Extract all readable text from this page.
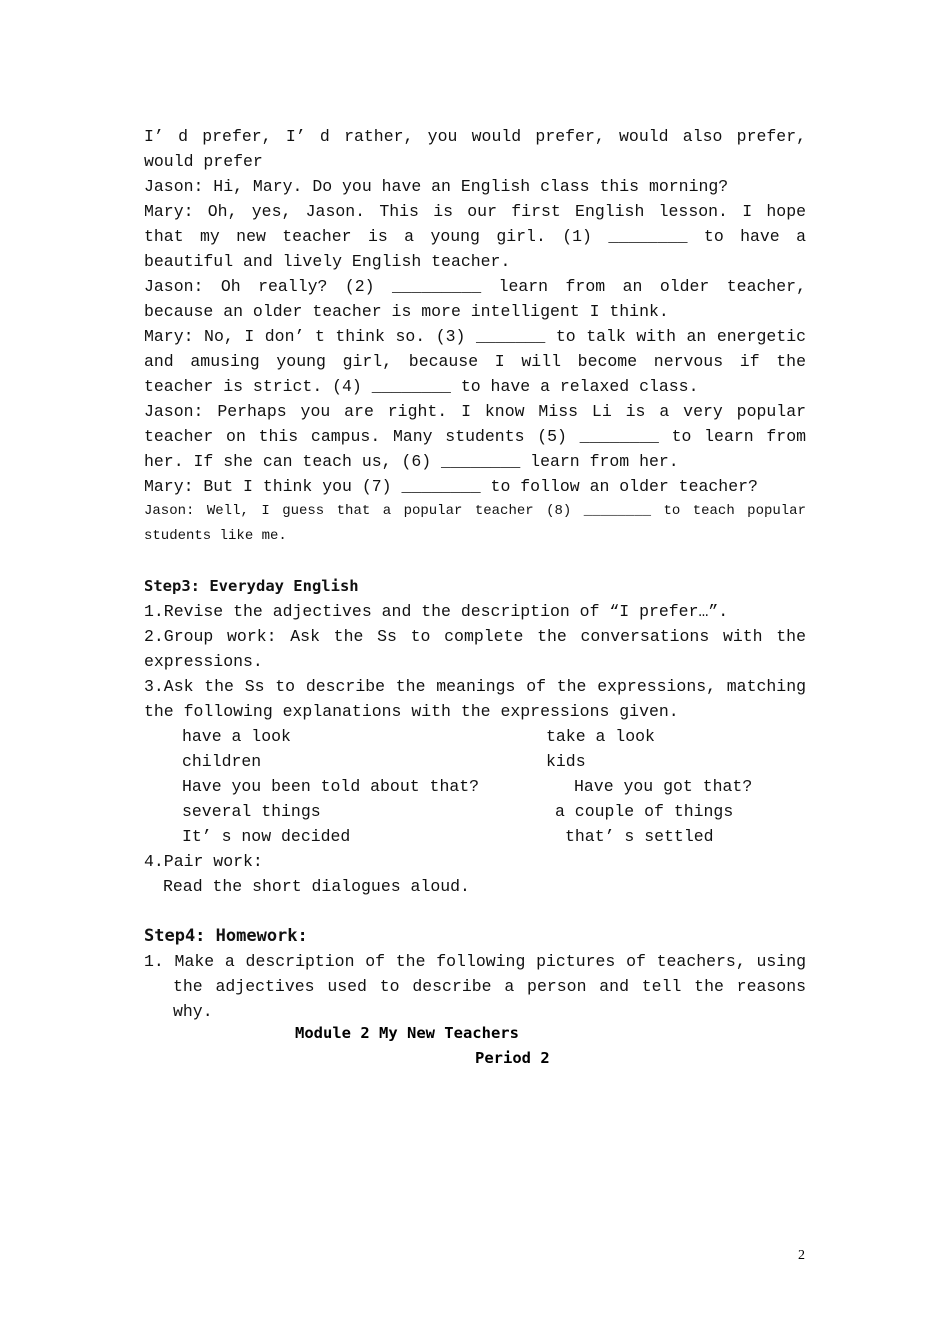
I’ d prefer, I’ d rather, you would prefer, would also prefer, would prefer

Jason: Hi, Mary. Do you have an English class this morning?

Mary: Oh, yes, Jason. This is our first English lesson. I hope that my new teacher is a young girl. (1) ________ to have a beautiful and lively English teacher.

Jason: Oh really? (2) _________ learn from an older teacher, because an older teacher is more intelligent I think.

Mary: No, I don’ t think so. (3) _______ to talk with an energetic and amusing young girl, because I will become nervous if the teacher is strict. (4) ________ to have a relaxed class.

Jason: Perhaps you are right. I know Miss Li is a very popular teacher on this campus. Many students (5) ________ to learn from her. If she can teach us, (6) ________ learn from her.

Mary: But I think you (7) ________ to follow an older teacher?

Jason: Well, I guess that a popular teacher (8) ________ to teach popular students like me.

Step3: Everyday English

1.Revise the adjectives and the description of “I prefer…”.

2.Group work: Ask the Ss to complete the conversations with the expressions.

3.Ask the Ss to describe the meanings of the expressions, matching the following explanations with the expressions given.

have a look	take a look
children	kids
Have you been told about that?	Have you got that?
several things	a couple of things
It’ s now decided	that’ s settled

4.Pair work:

Read the short dialogues aloud.

Step4: Homework:

1. Make a description of the following pictures of teachers, using the adjectives used to describe a person and tell the reasons why.

Module 2 My New Teachers
Period 2
2
